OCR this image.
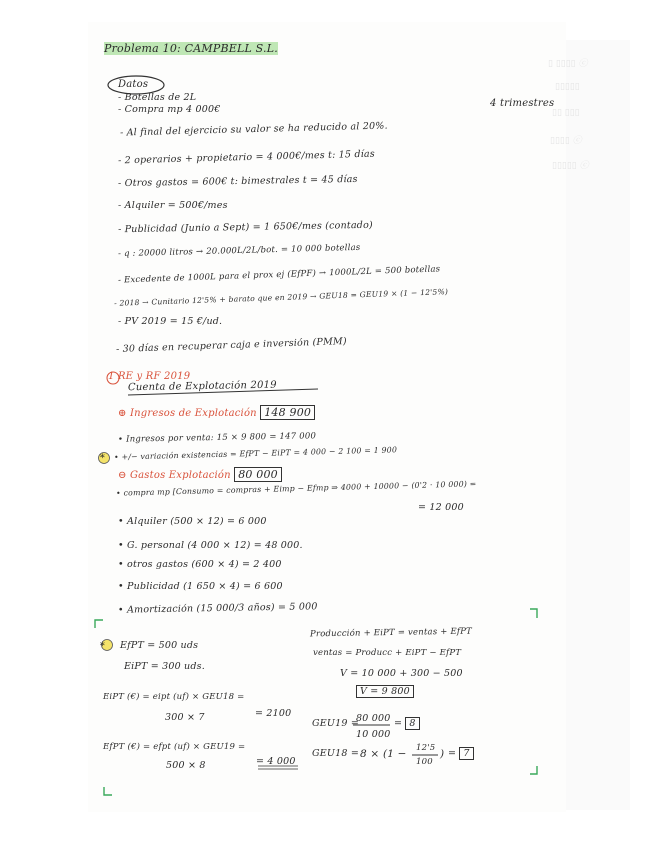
▯ ▯▯▯▯ ⓒ
▯▯▯▯▯
▯▯ ▯▯▯
▯▯▯▯ ⓒ
▯▯▯▯▯ ⓒ
Problema 10: CAMPBELL S.L.
Datos
4 trimestres
- Botellas de 2L
- Compra mp 4 000€
- Al final del ejercicio su valor se ha reducido al 20%.
- 2 operarios + propietario = 4 000€/mes t: 15 días
- Otros gastos = 600€ t: bimestrales t = 45 días
- Alquiler = 500€/mes
- Publicidad (Junio a Sept) = 1 650€/mes (contado)
- q : 20000 litros → 20.000L/2L/bot. = 10 000 botellas
- Excedente de 1000L para el prox ej (EfPF) → 1000L/2L = 500 botellas
- 2018 → Cunitario 12'5% + barato que en 2019 → GEU18 = GEU19 × (1 − 12'5%)
- PV 2019 = 15 €/ud.
- 30 días en recuperar caja e inversión (PMM)
1 RE y RF 2019
Cuenta de Explotación 2019
⊕ Ingresos de Explotación 148 900
• Ingresos por venta: 15 × 9 800 = 147 000
• +/− variación existencias = EfPT − EiPT = 4 000 − 2 100 = 1 900
∗
⊖ Gastos Explotación 80 000
• compra mp [Consumo = compras + Eimp − Efmp ⇒ 4000 + 10000 − (0'2 · 10 000) =
= 12 000
• Alquiler (500 × 12) = 6 000
• G. personal (4 000 × 12) = 48 000.
• otros gastos (600 × 4) = 2 400
• Publicidad (1 650 × 4) = 6 600
• Amortización (15 000/3 años) = 5 000
∗ EfPT = 500 uds
EiPT = 300 uds.
EiPT (€) = eipt (uf) × GEU18 =
300 × 7	= 2100
EfPT (€) = efpt (uf) × GEU19 =
500 × 8	= 4 000
Producción + EiPT = ventas + EfPT
ventas = Producc + EiPT − EfPT
V = 10 000 + 300 − 500
V = 9 800
GEU19 =
80 000
10 000
= 8
GEU18 = 8 × (1 − 12'5
100
) = 7
